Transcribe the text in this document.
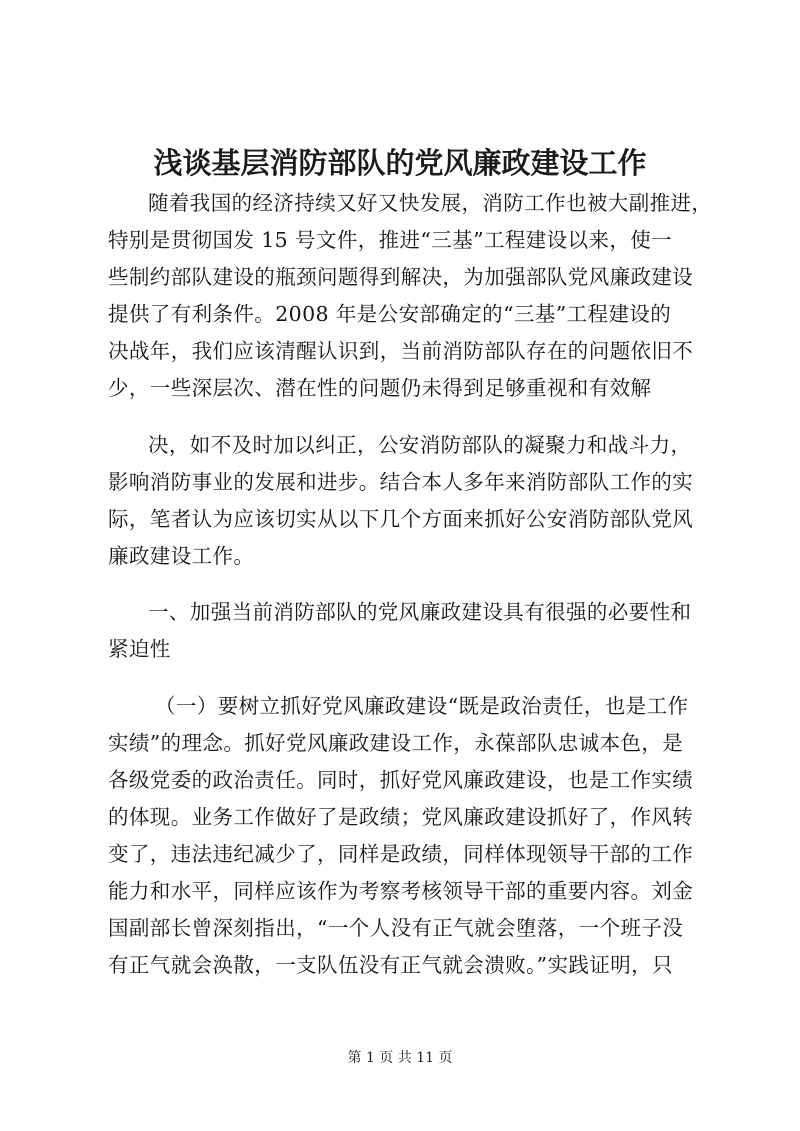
浅谈基层消防部队的党风廉政建设工作
随着我国的经济持续又好又快发展，消防工作也被大副推进，
特别是贯彻国发 15 号文件，推进“三基”工程建设以来，使一
些制约部队建设的瓶颈问题得到解决，为加强部队党风廉政建设
提供了有利条件。2008 年是公安部确定的“三基”工程建设的
决战年，我们应该清醒认识到，当前消防部队存在的问题依旧不
少，一些深层次、潜在性的问题仍未得到足够重视和有效解
决，如不及时加以纠正，公安消防部队的凝聚力和战斗力，
影响消防事业的发展和进步。结合本人多年来消防部队工作的实
际，笔者认为应该切实从以下几个方面来抓好公安消防部队党风
廉政建设工作。
一、加强当前消防部队的党风廉政建设具有很强的必要性和
紧迫性
（一）要树立抓好党风廉政建设“既是政治责任，也是工作
实绩”的理念。抓好党风廉政建设工作，永葆部队忠诚本色，是
各级党委的政治责任。同时，抓好党风廉政建设，也是工作实绩
的体现。业务工作做好了是政绩；党风廉政建设抓好了，作风转
变了，违法违纪减少了，同样是政绩，同样体现领导干部的工作
能力和水平，同样应该作为考察考核领导干部的重要内容。刘金
国副部长曾深刻指出，“一个人没有正气就会堕落，一个班子没
有正气就会涣散，一支队伍没有正气就会溃败。”实践证明，只
第 1 页 共 11 页
